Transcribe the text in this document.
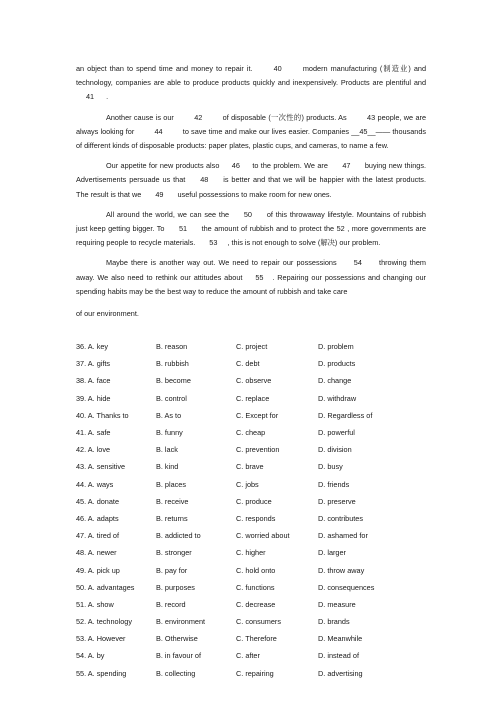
an object than to spend time and money to repair it.	40	modern manufacturing (制造业) and technology, companies are able to produce products quickly and inexpensively. Products are plentiful and 41 .

Another cause is our	42	of disposable (一次性的) products. As	43 people, we are always looking for	44	to save time and make our lives easier. Companies __45__—— thousands of different kinds of disposable products: paper plates, plastic cups, and cameras, to name a few.

Our appetite for new products also 46 to the problem. We are 47 buying new things. Advertisements persuade us that 48 is better and that we will be happier with the latest products. The result is that we 49 useful possessions to make room for new ones.

All around the world, we can see the 50 of this throwaway lifestyle. Mountains of rubbish just keep getting bigger. To 51 the amount of rubbish and to protect the 52 , more governments are requiring people to recycle materials. 53 , this is not enough to solve (解决) our problem.

Maybe there is another way out. We need to repair our possessions 54 throwing them away. We also need to rethink our attitudes about 55 . Repairing our possessions and changing our spending habits may be the best way to reduce the amount of rubbish and take care

of our environment.

36. A. key	B. reason	C. project	D. problem
37. A. gifts	B. rubbish	C. debt	D. products
38. A. face	B. become	C. observe	D. change
39. A. hide	B. control	C. replace	D. withdraw
40. A. Thanks to	B. As to	C. Except for	D. Regardless of
41. A. safe	B. funny	C. cheap	D. powerful
42. A. love	B. lack	C. prevention	D. division
43. A. sensitive	B. kind	C. brave	D. busy
44. A. ways	B. places	C. jobs	D. friends
45. A. donate	B. receive	C. produce	D. preserve
46. A. adapts	B. returns	C. responds	D. contributes
47. A. tired of	B. addicted to	C. worried about	D. ashamed for
48. A. newer	B. stronger	C. higher	D. larger
49. A. pick up	B. pay for	C. hold onto	D. throw away
50. A. advantages	B. purposes	C. functions	D. consequences
51. A. show	B. record	C. decrease	D. measure
52. A. technology	B. environment	C. consumers	D. brands
53. A. However	B. Otherwise	C. Therefore	D. Meanwhile
54. A. by	B. in favour of	C. after	D. instead of
55. A. spending	B. collecting	C. repairing	D. advertising
